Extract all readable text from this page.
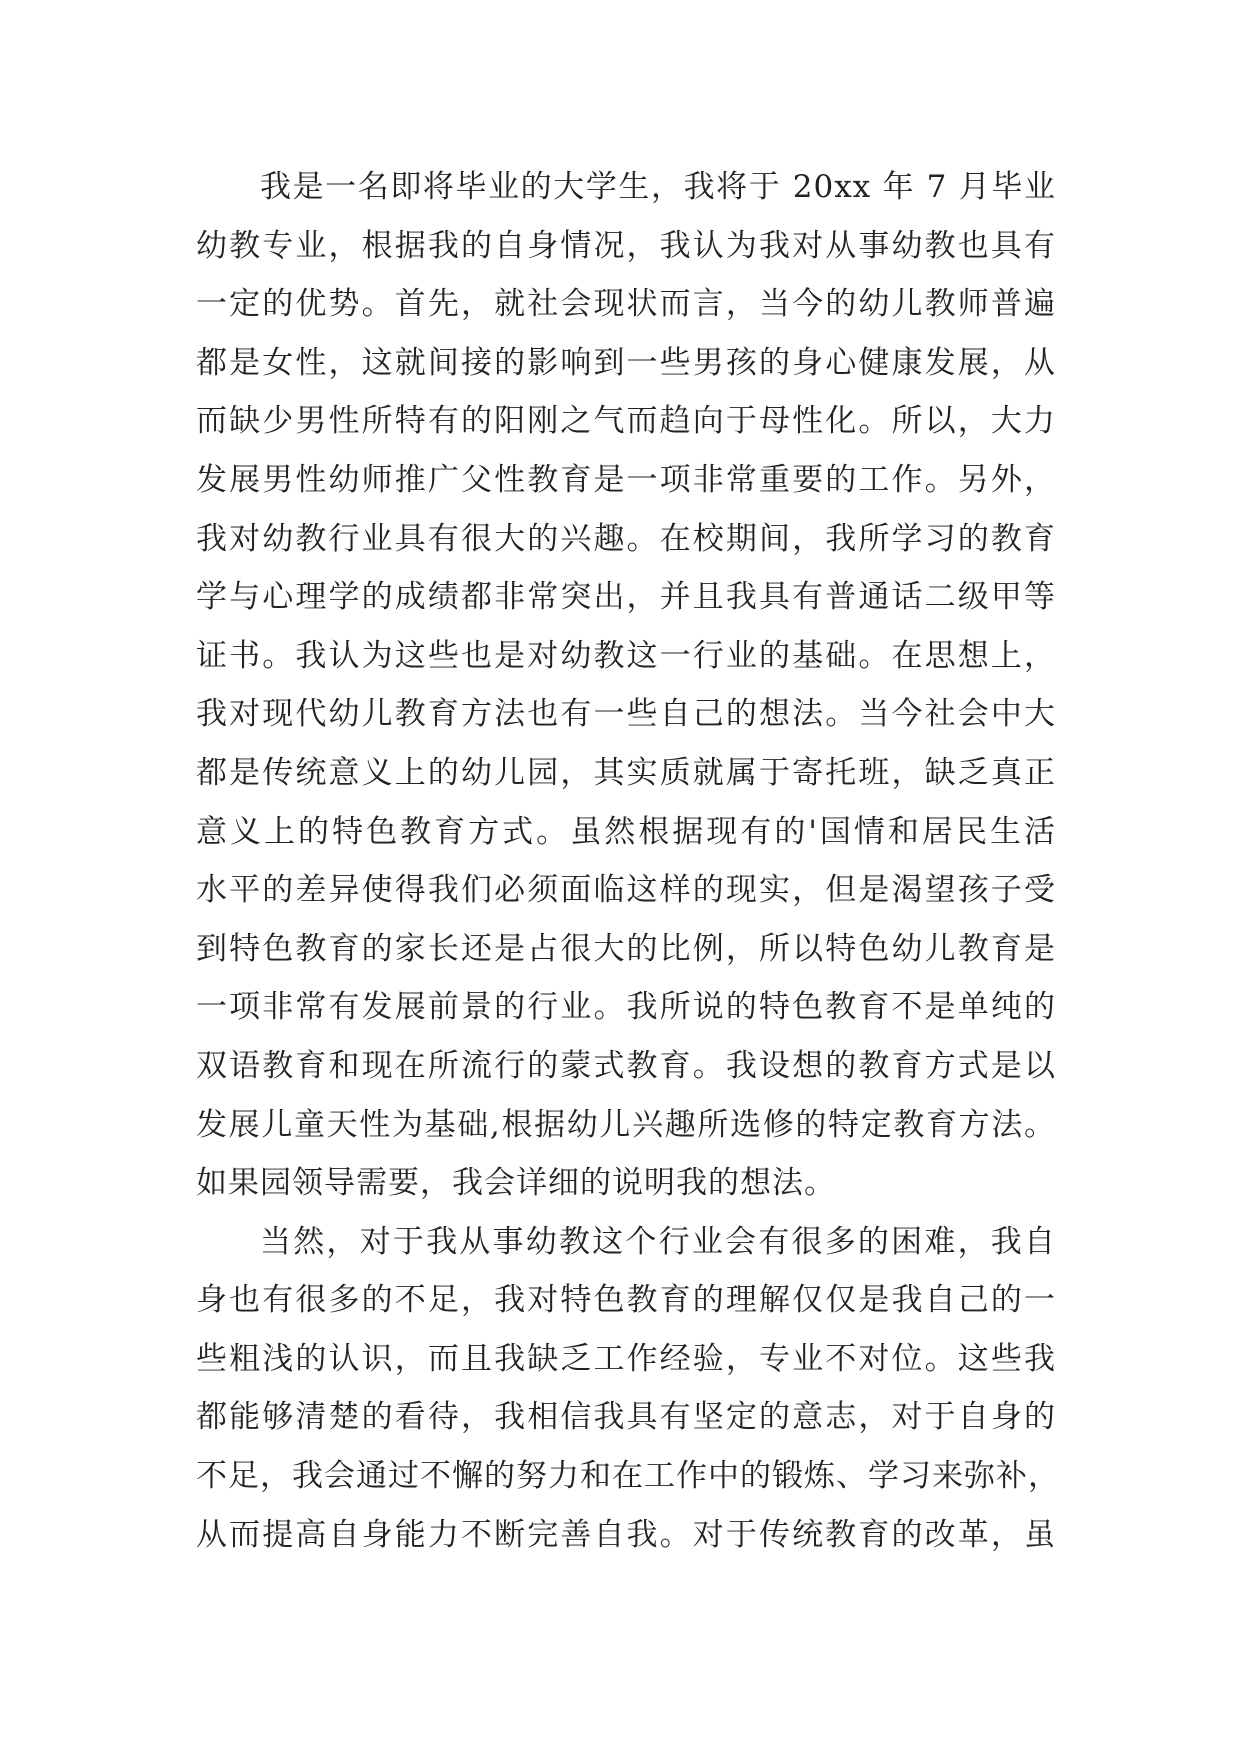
我是一名即将毕业的大学生，我将于 20xx 年 7 月毕业
幼教专业，根据我的自身情况，我认为我对从事幼教也具有
一定的优势。首先，就社会现状而言，当今的幼儿教师普遍
都是女性，这就间接的影响到一些男孩的身心健康发展，从
而缺少男性所特有的阳刚之气而趋向于母性化。所以，大力
发展男性幼师推广父性教育是一项非常重要的工作。另外，
我对幼教行业具有很大的兴趣。在校期间，我所学习的教育
学与心理学的成绩都非常突出，并且我具有普通话二级甲等
证书。我认为这些也是对幼教这一行业的基础。在思想上，
我对现代幼儿教育方法也有一些自己的想法。当今社会中大
都是传统意义上的幼儿园，其实质就属于寄托班，缺乏真正
意义上的特色教育方式。虽然根据现有的'国情和居民生活
水平的差异使得我们必须面临这样的现实，但是渴望孩子受
到特色教育的家长还是占很大的比例，所以特色幼儿教育是
一项非常有发展前景的行业。我所说的特色教育不是单纯的
双语教育和现在所流行的蒙式教育。我设想的教育方式是以
发展儿童天性为基础,根据幼儿兴趣所选修的特定教育方法。
如果园领导需要，我会详细的说明我的想法。
当然，对于我从事幼教这个行业会有很多的困难，我自
身也有很多的不足，我对特色教育的理解仅仅是我自己的一
些粗浅的认识，而且我缺乏工作经验，专业不对位。这些我
都能够清楚的看待，我相信我具有坚定的意志，对于自身的
不足，我会通过不懈的努力和在工作中的锻炼、学习来弥补，
从而提高自身能力不断完善自我。对于传统教育的改革，虽
